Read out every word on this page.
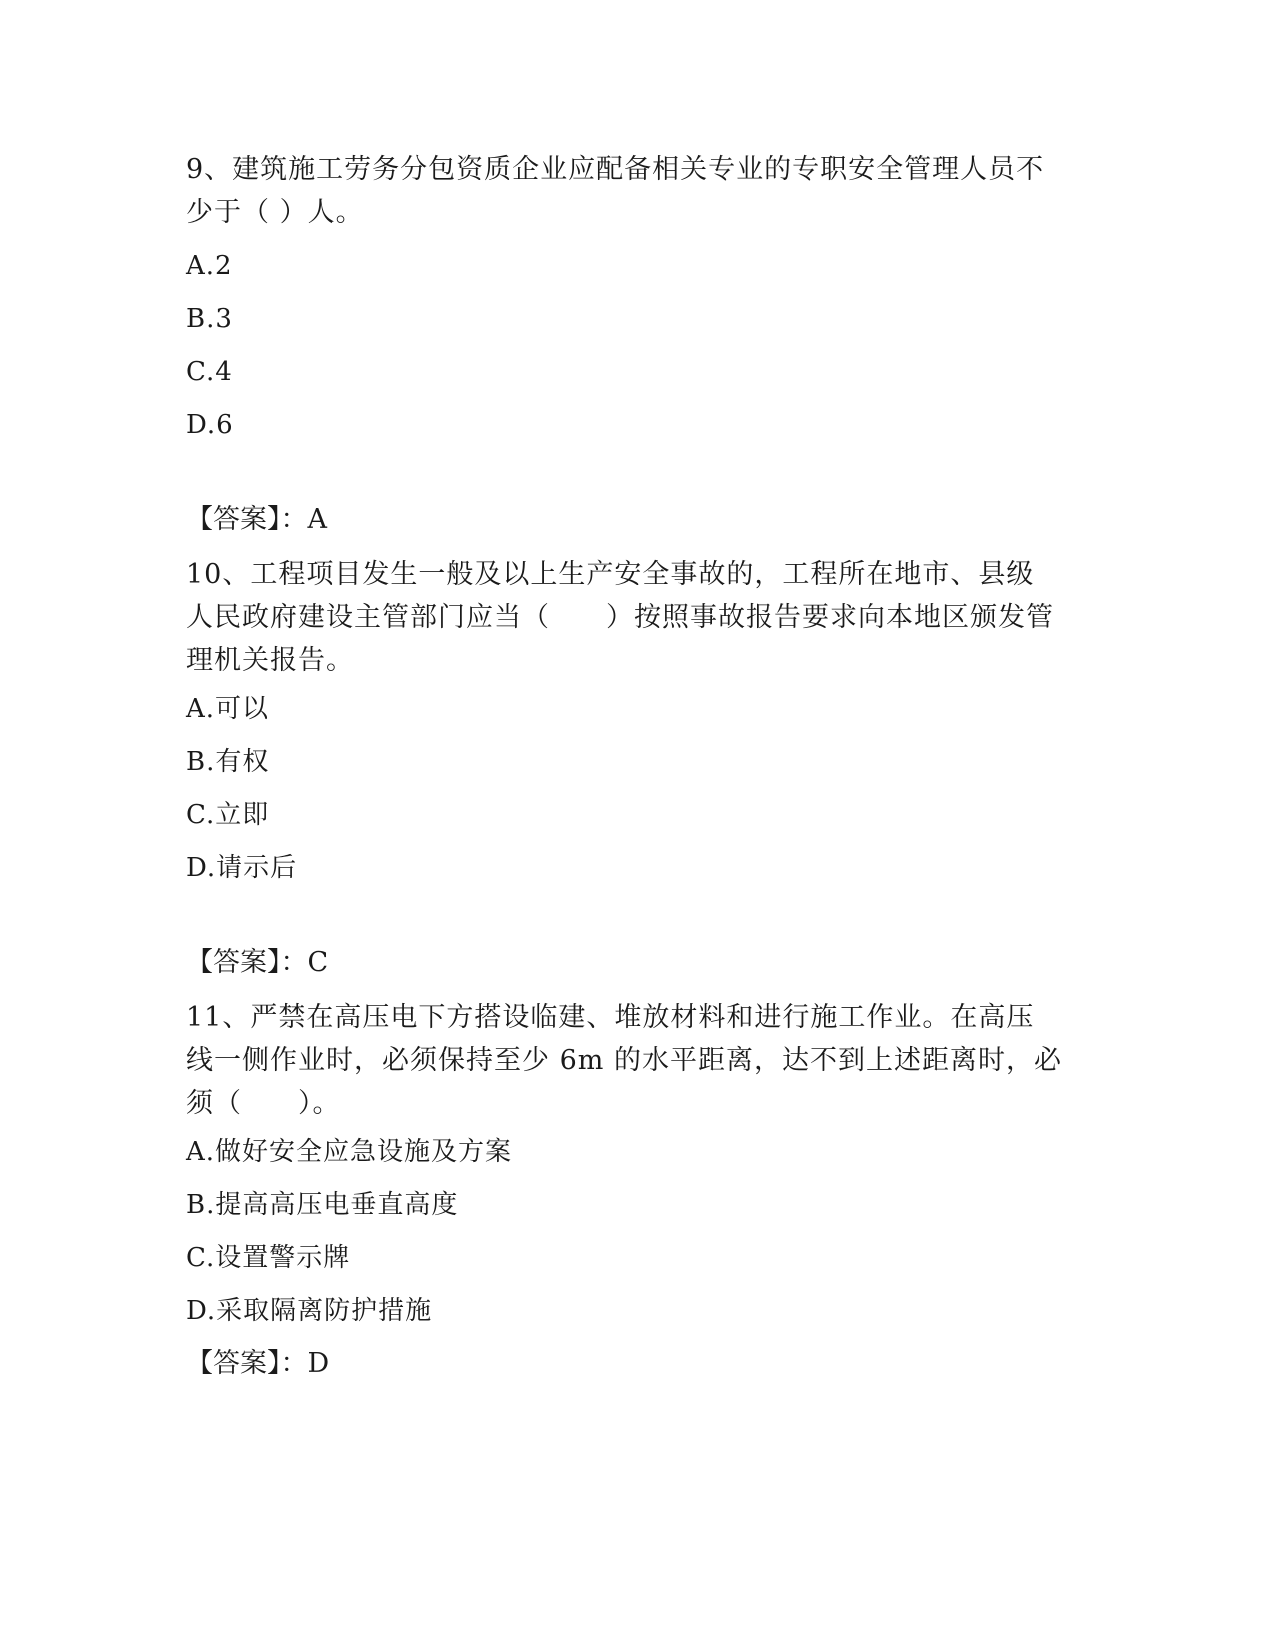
9、建筑施工劳务分包资质企业应配备相关专业的专职安全管理人员不
少于（ ）人。
A.2
B.3
C.4
D.6
【答案】：A
10、工程项目发生一般及以上生产安全事故的，工程所在地市、县级
人民政府建设主管部门应当（　　）按照事故报告要求向本地区颁发管
理机关报告。
A.可以
B.有权
C.立即
D.请示后
【答案】：C
11、严禁在高压电下方搭设临建、堆放材料和进行施工作业。在高压
线一侧作业时，必须保持至少 6m 的水平距离，达不到上述距离时，必
须（　　）。
A.做好安全应急设施及方案
B.提高高压电垂直高度
C.设置警示牌
D.采取隔离防护措施
【答案】：D
